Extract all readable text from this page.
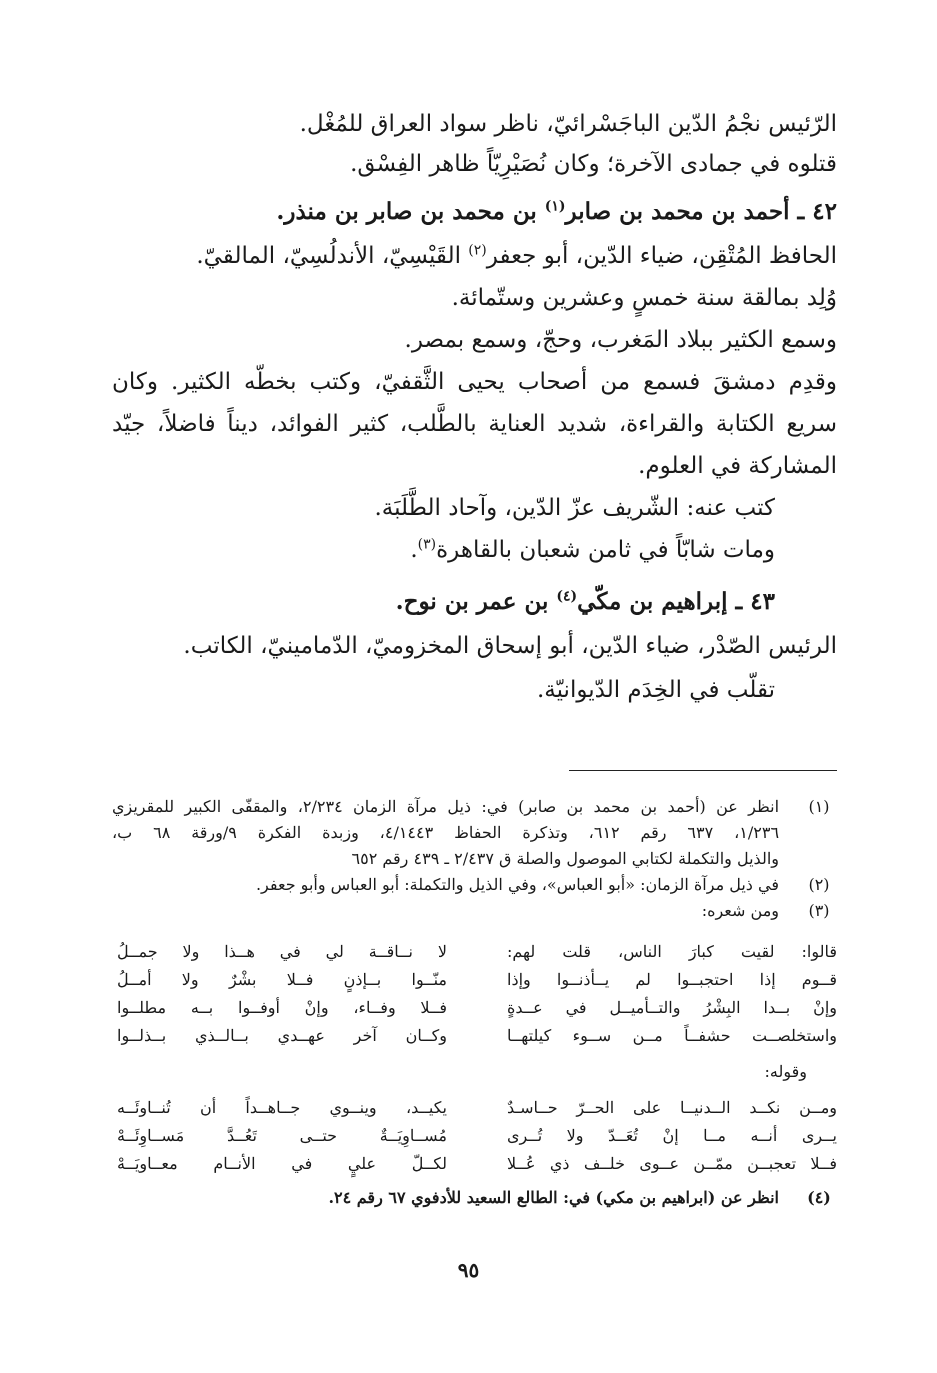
الرّئيس نجْمُ الدّين الباجَسْرائيّ، ناظر سواد العراق للمُغْل.
قتلوه في جمادى الآخرة؛ وكان نُصَيْرِيّاً ظاهر الفِسْق.
٤٢ ـ أحمد بن محمد بن صابر$^{(١)}$ بن محمد بن صابر بن منذر.
الحافظ المُتْقِن، ضياء الدّين، أبو جعفر$^{(٢)}$ القَيْسِيّ، الأندلُسِيّ، المالقيّ.
وُلِد بمالقة سنة خمسٍ وعشرين وستّمائة.
وسمع الكثير ببلاد المَغرب، وحجّ، وسمع بمصر.
وقدِم دمشقَ فسمع من أصحاب يحيى الثَّقفيّ، وكتب بخطّه الكثير. وكان
سريع الكتابة والقراءة، شديد العناية بالطَّلب، كثير الفوائد، ديناً فاضلاً، جيّد
المشاركة في العلوم.
كتب عنه: الشّريف عزّ الدّين، وآحاد الطَّلَبَة.
ومات شابّاً في ثامن شعبان بالقاهرة$^{(٣)}$.
٤٣ ـ إبراهيم بن مكّي$^{(٤)}$ بن عمر بن نوح.
الرئيس الصّدْر، ضياء الدّين، أبو إسحاق المخزوميّ، الدّمامينيّ، الكاتب.
تقلّب في الخِدَم الدّيوانيّة.
(١)
انظر عن (أحمد بن محمد بن صابر) في: ذيل مرآة الزمان ٢/٢٣٤، والمقفّى الكبير للمقريزي
١/٢٣٦، ٦٣٧ رقم ٦١٢، وتذكرة الحفاظ ٤/١٤٤٣، وزبدة الفكرة ٩/ورقة ٦٨ ب،
والذيل والتكملة لكتابي الموصول والصلة ق ٢/٤٣٧ ـ ٤٣٩ رقم ٦٥٢
(٢)
في ذيل مرآة الزمان: «أبو العباس»، وفي الذيل والتكملة: أبو العباس وأبو جعفر.
(٣)
ومن شعره:
قالوا: لقيت كبارَ الناس، قلت لهم:
لا نــاقــة لي في هــذا ولا جمــلُ
قــوم إذا احتجبــوا لم يــأذنــوا وإذا
منّــوا بــإذنٍ فــلا بشْرٌ ولا أمــلُ
وإنْ بــدا البِشْرُ والتــأميــل في عــدةٍ
فــلا وفــاء، وإنْ أوفــوا بــه مطلــوا
واستخلصــت حشفــاً مــن ســوء كيلتهــا
وكــان آخر عهــدي بــالــذي بــذلــوا
وقوله:
ومــن نكــد الــدنيــا على الحــرّ حــاسـدٌ
يكيــد، وينــوي جــاهــداً أن تُنــاوئَــه
يــرى أنــه مــا إنْ تُعَــدّ ولا تُــرى
مُســاوِيَــةٌ حتــى تَعُــدَّ مَســاوِئَــهْ
فــلا تعجبــن ممّــن عــوى خلــف ذي عُــلا
لكــلّ عليٍ في الأنــام معــاويَــهْ
(٤)
انظر عن (ابراهيم بن مكي) في: الطالع السعيد للأدفوي ٦٧ رقم ٢٤.
٩٥
